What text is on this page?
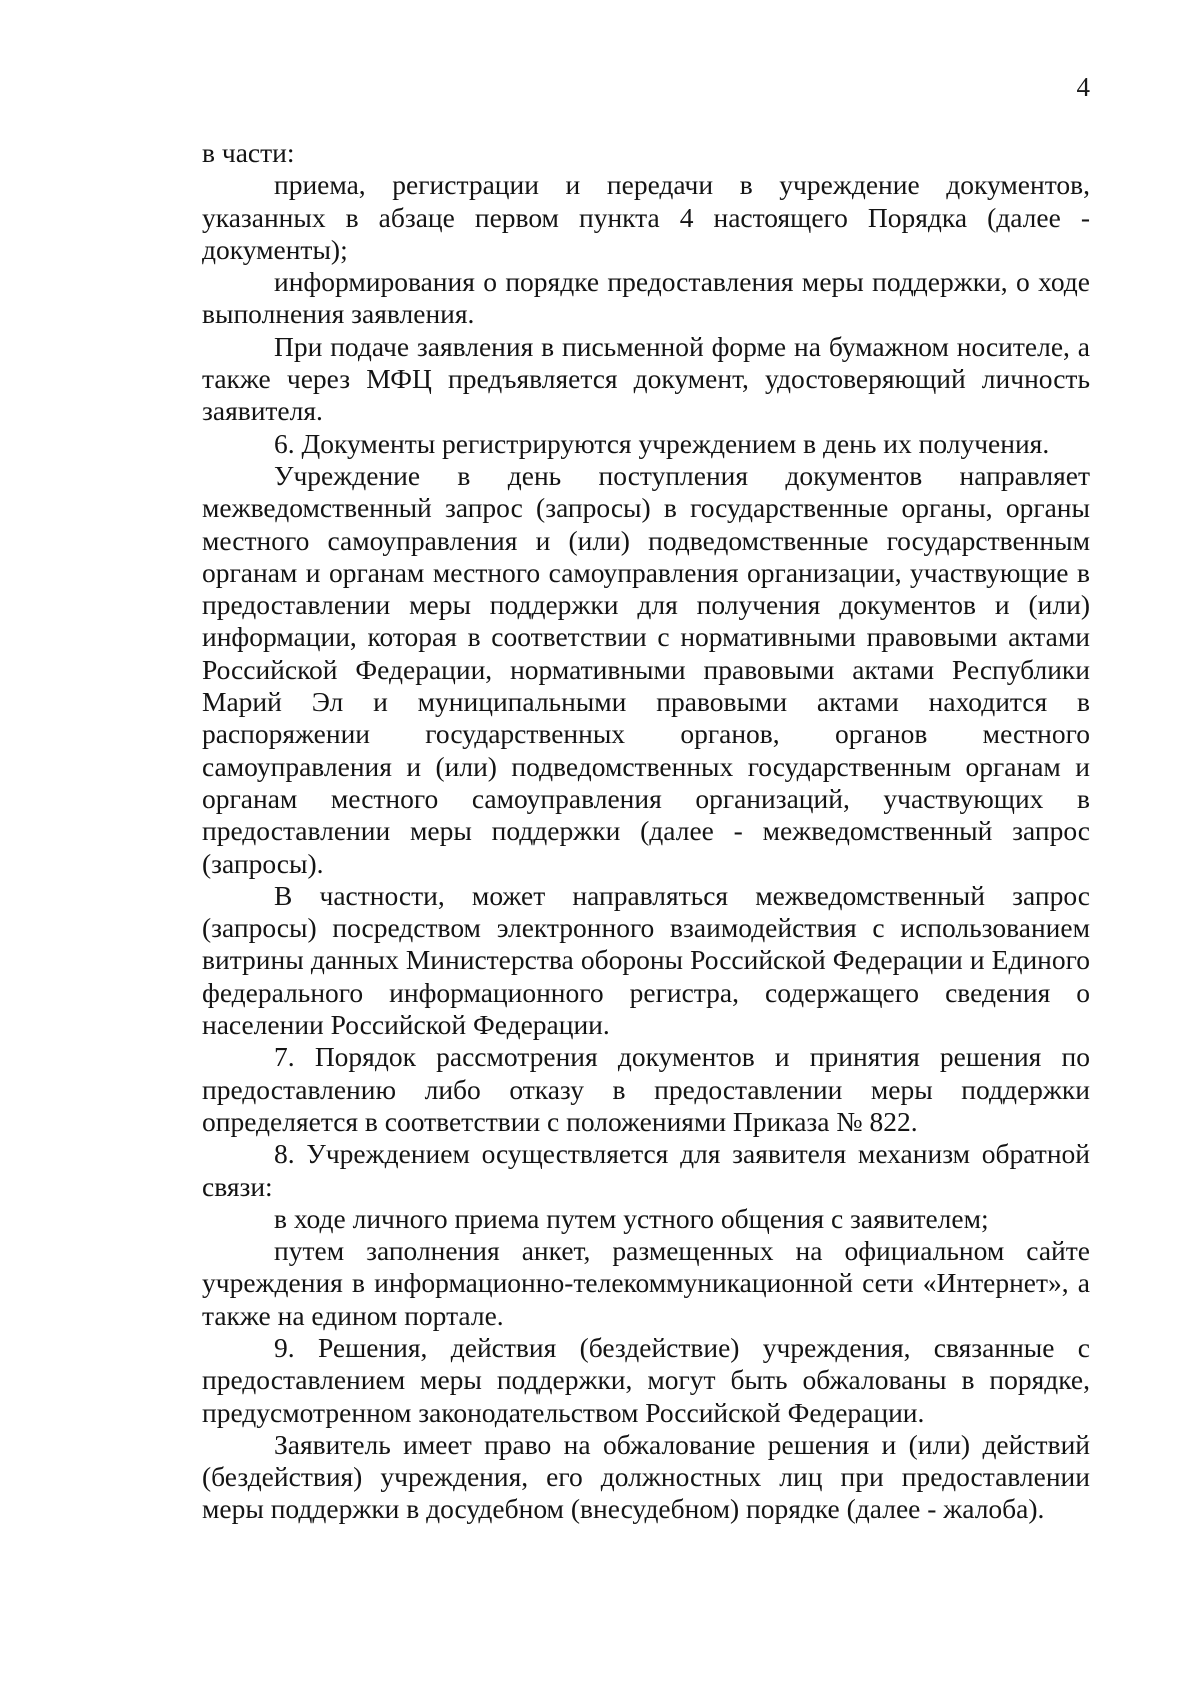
4

в части:

приема, регистрации и передачи в учреждение документов, указанных в абзаце первом пункта 4 настоящего Порядка (далее - документы);

информирования о порядке предоставления меры поддержки, о ходе выполнения заявления.

При подаче заявления в письменной форме на бумажном носителе, а также через МФЦ предъявляется документ, удостоверяющий личность заявителя.

6. Документы регистрируются учреждением в день их получения.

Учреждение в день поступления документов направляет межведомственный запрос (запросы) в государственные органы, органы местного самоуправления и (или) подведомственные государственным органам и органам местного самоуправления организации, участвующие в предоставлении меры поддержки для получения документов и (или) информации, которая в соответствии с нормативными правовыми актами Российской Федерации, нормативными правовыми актами Республики Марий Эл и муниципальными правовыми актами находится в распоряжении государственных органов, органов местного самоуправления и (или) подведомственных государственным органам и органам местного самоуправления организаций, участвующих в предоставлении меры поддержки (далее - межведомственный запрос (запросы).

В частности, может направляться межведомственный запрос (запросы) посредством электронного взаимодействия с использованием витрины данных Министерства обороны Российской Федерации и Единого федерального информационного регистра, содержащего сведения о населении Российской Федерации.

7. Порядок рассмотрения документов и принятия решения по предоставлению либо отказу в предоставлении меры поддержки определяется в соответствии с положениями Приказа № 822.

8. Учреждением осуществляется для заявителя механизм обратной связи:

в ходе личного приема путем устного общения с заявителем;

путем заполнения анкет, размещенных на официальном сайте учреждения в информационно-телекоммуникационной сети «Интернет», а также на едином портале.

9. Решения, действия (бездействие) учреждения, связанные с предоставлением меры поддержки, могут быть обжалованы в порядке, предусмотренном законодательством Российской Федерации.

Заявитель имеет право на обжалование решения и (или) действий (бездействия) учреждения, его должностных лиц при предоставлении меры поддержки в досудебном (внесудебном) порядке (далее - жалоба).
